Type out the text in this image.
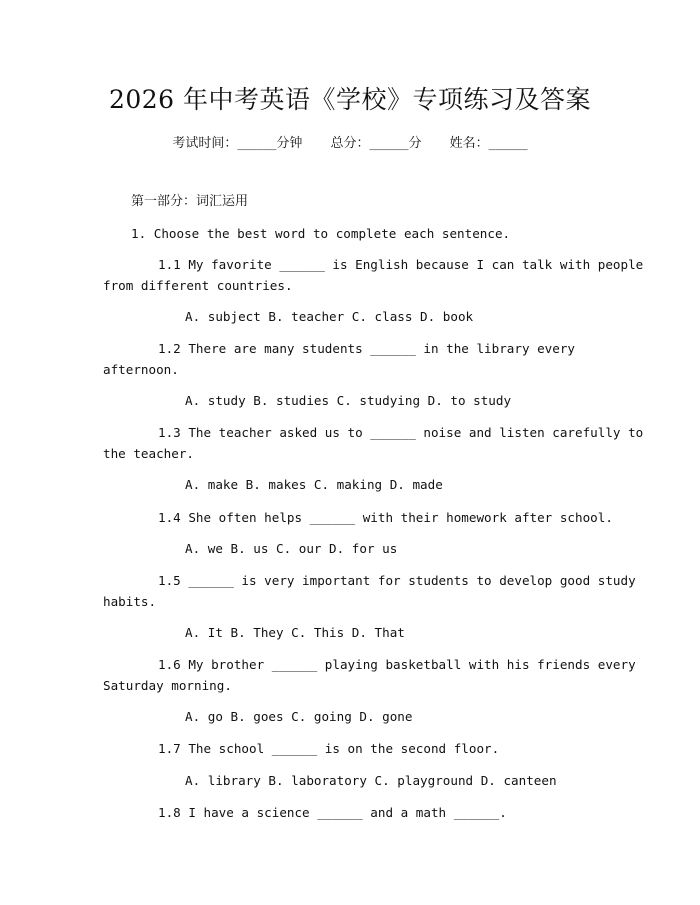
2026 年中考英语《学校》专项练习及答案
考试时间：______分钟 总分：______分 姓名：______
第一部分：词汇运用
1. Choose the best word to complete each sentence.
1.1 My favorite ______ is English because I can talk with people
from different countries.
A. subject B. teacher C. class D. book
1.2 There are many students ______ in the library every
afternoon.
A. study B. studies C. studying D. to study
1.3 The teacher asked us to ______ noise and listen carefully to
the teacher.
A. make B. makes C. making D. made
1.4 She often helps ______ with their homework after school.
A. we B. us C. our D. for us
1.5 ______ is very important for students to develop good study
habits.
A. It B. They C. This D. That
1.6 My brother ______ playing basketball with his friends every
Saturday morning.
A. go B. goes C. going D. gone
1.7 The school ______ is on the second floor.
A. library B. laboratory C. playground D. canteen
1.8 I have a science ______ and a math ______.
